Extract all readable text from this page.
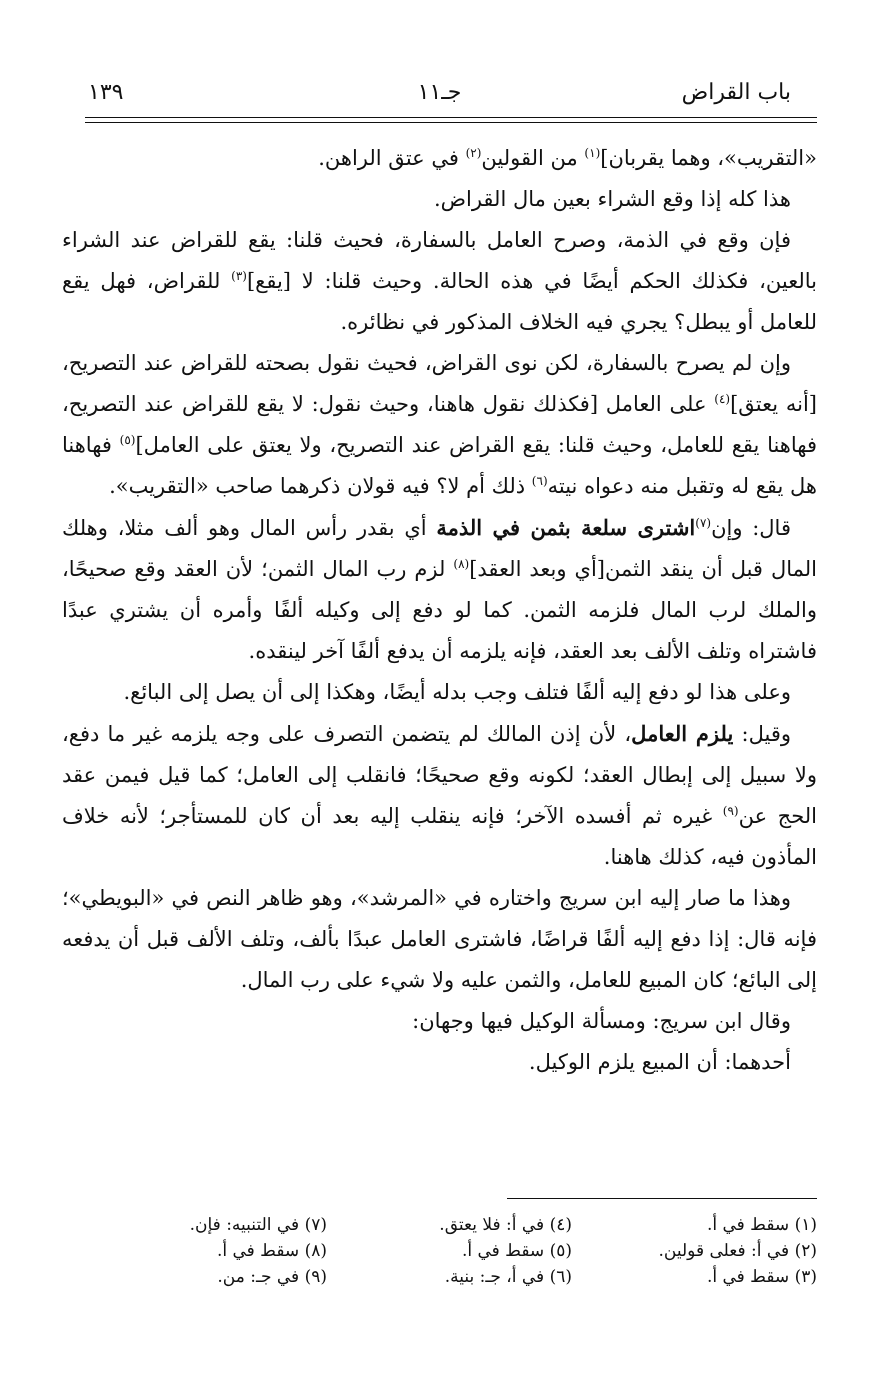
باب القراض
جـ١١
١٣٩

«التقريب»، وهما يقربان]$^{(١)}$ من القولين$^{(٢)}$ في عتق الراهن.

هذا كله إذا وقع الشراء بعين مال القراض.

فإن وقع في الذمة، وصرح العامل بالسفارة، فحيث قلنا: يقع للقراض عند الشراء بالعين، فكذلك الحكم أيضًا في هذه الحالة. وحيث قلنا: لا [يقع]$^{(٣)}$ للقراض، فهل يقع للعامل أو يبطل؟ يجري فيه الخلاف المذكور في نظائره.

وإن لم يصرح بالسفارة، لكن نوى القراض، فحيث نقول بصحته للقراض عند التصريح، [أنه يعتق]$^{(٤)}$ على العامل [فكذلك نقول هاهنا، وحيث نقول: لا يقع للقراض عند التصريح، فهاهنا يقع للعامل، وحيث قلنا: يقع القراض عند التصريح، ولا يعتق على العامل]$^{(٥)}$ فهاهنا هل يقع له وتقبل منه دعواه نيته$^{(٦)}$ ذلك أم لا؟ فيه قولان ذكرهما صاحب «التقريب».

قال: وإن$^{(٧)}$اشترى سلعة بثمن في الذمة أي بقدر رأس المال وهو ألف مثلا، وهلك المال قبل أن ينقد الثمن[أي وبعد العقد]$^{(٨)}$ لزم رب المال الثمن؛ لأن العقد وقع صحيحًا، والملك لرب المال فلزمه الثمن. كما لو دفع إلى وكيله ألفًا وأمره أن يشتري عبدًا فاشتراه وتلف الألف بعد العقد، فإنه يلزمه أن يدفع ألفًا آخر لينقده.

وعلى هذا لو دفع إليه ألفًا فتلف وجب بدله أيضًا، وهكذا إلى أن يصل إلى البائع.

وقيل: يلزم العامل، لأن إذن المالك لم يتضمن التصرف على وجه يلزمه غير ما دفع، ولا سبيل إلى إبطال العقد؛ لكونه وقع صحيحًا؛ فانقلب إلى العامل؛ كما قيل فيمن عقد الحج عن$^{(٩)}$ غيره ثم أفسده الآخر؛ فإنه ينقلب إليه بعد أن كان للمستأجر؛ لأنه خلاف المأذون فيه، كذلك هاهنا.

وهذا ما صار إليه ابن سريج واختاره في «المرشد»، وهو ظاهر النص في «البويطي»؛ فإنه قال: إذا دفع إليه ألفًا قراضًا، فاشترى العامل عبدًا بألف، وتلف الألف قبل أن يدفعه إلى البائع؛ كان المبيع للعامل، والثمن عليه ولا شيء على رب المال.

وقال ابن سريج: ومسألة الوكيل فيها وجهان:

أحدهما: أن المبيع يلزم الوكيل.

(١) سقط في أ.
(٢) في أ: فعلى قولين.
(٣) سقط في أ.
(٤) في أ: فلا يعتق.
(٥) سقط في أ.
(٦) في أ، جـ: بنية.
(٧) في التنبيه: فإن.
(٨) سقط في أ.
(٩) في جـ: من.
